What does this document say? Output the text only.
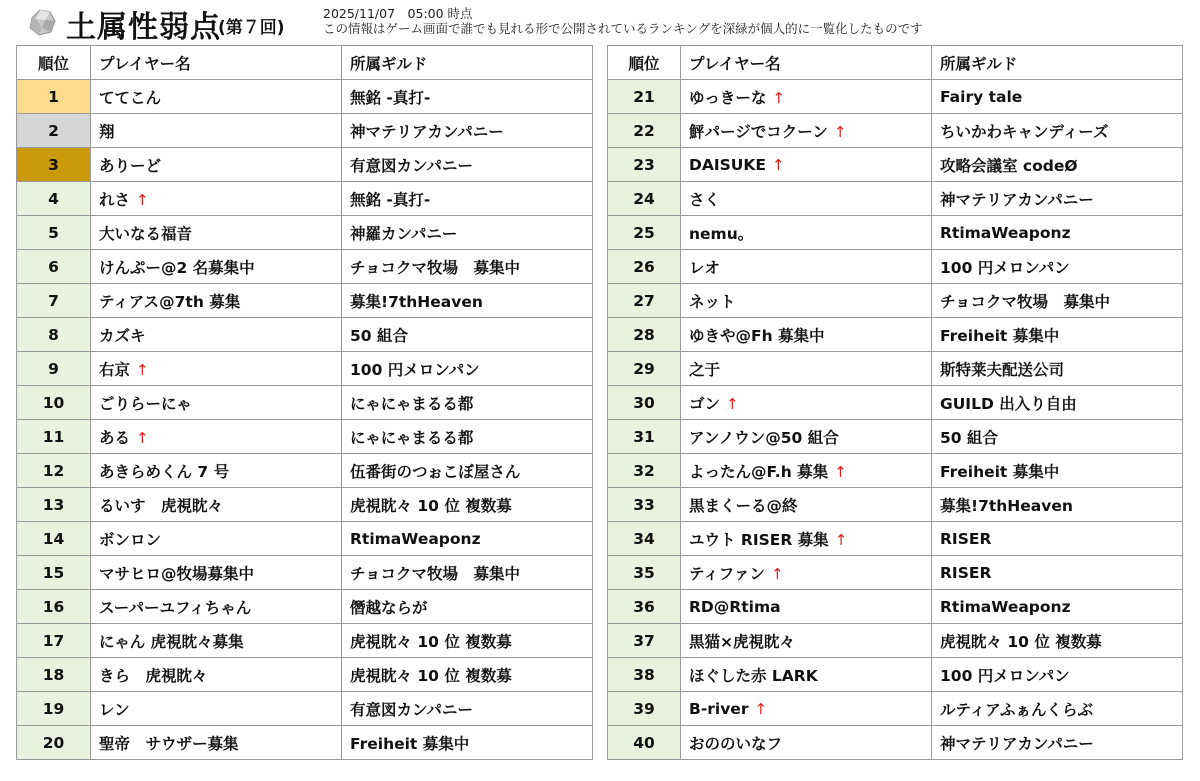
土属性弱点
(第７回)
2025/11/07　05:00 時点
この情報はゲーム画面で誰でも見れる形で公開されているランキングを深緑が個人的に一覧化したものです
順位	プレイヤー名	所属ギルド
1	ててこん	無銘 -真打-
2	翔	神マテリアカンパニー
3	ありーど	有意図カンパニー
4	れさ ↑	無銘 -真打-
5	大いなる福音	神羅カンパニー
6	けんぷー@2 名募集中	チョコクマ牧場　募集中
7	ティアス@7th 募集	募集!7thHeaven
8	カズキ	50 組合
9	右京 ↑	100 円メロンパン
10	ごりらーにゃ	にゃにゃまるる都
11	ある ↑	にゃにゃまるる都
12	あきらめくん 7 号	伍番街のつぉこぼ屋さん
13	るいす　虎視眈々	虎視眈々 10 位 複数募
14	ボンロン	RtimaWeaponz
15	マサヒロ@牧場募集中	チョコクマ牧場　募集中
16	スーパーユフィちゃん	僭越ならが
17	にゃん 虎視眈々募集	虎視眈々 10 位 複数募
18	きら　虎視眈々	虎視眈々 10 位 複数募
19	レン	有意図カンパニー
20	聖帝　サウザー募集	Freiheit 募集中
順位	プレイヤー名	所属ギルド
21	ゆっきーな ↑	Fairy tale
22	鮃パージでコクーン ↑	ちいかわキャンディーズ
23	DAISUKE ↑	攻略会議室 codeØ
24	さく	神マテリアカンパニー
25	nemu。	RtimaWeaponz
26	レオ	100 円メロンパン
27	ネット	チョコクマ牧場　募集中
28	ゆきや@Fh 募集中	Freiheit 募集中
29	之于	斯特莱夫配送公司
30	ゴン ↑	GUILD 出入り自由
31	アンノウン@50 組合	50 組合
32	よったん@F.h 募集 ↑	Freiheit 募集中
33	黒まくーる@終	募集!7thHeaven
34	ユウト RISER 募集 ↑	RISER
35	ティファン ↑	RISER
36	RD@Rtima	RtimaWeaponz
37	黒猫×虎視眈々	虎視眈々 10 位 複数募
38	ほぐした赤 LARK	100 円メロンパン
39	B-river ↑	ルティアふぁんくらぶ
40	おののいなフ	神マテリアカンパニー
